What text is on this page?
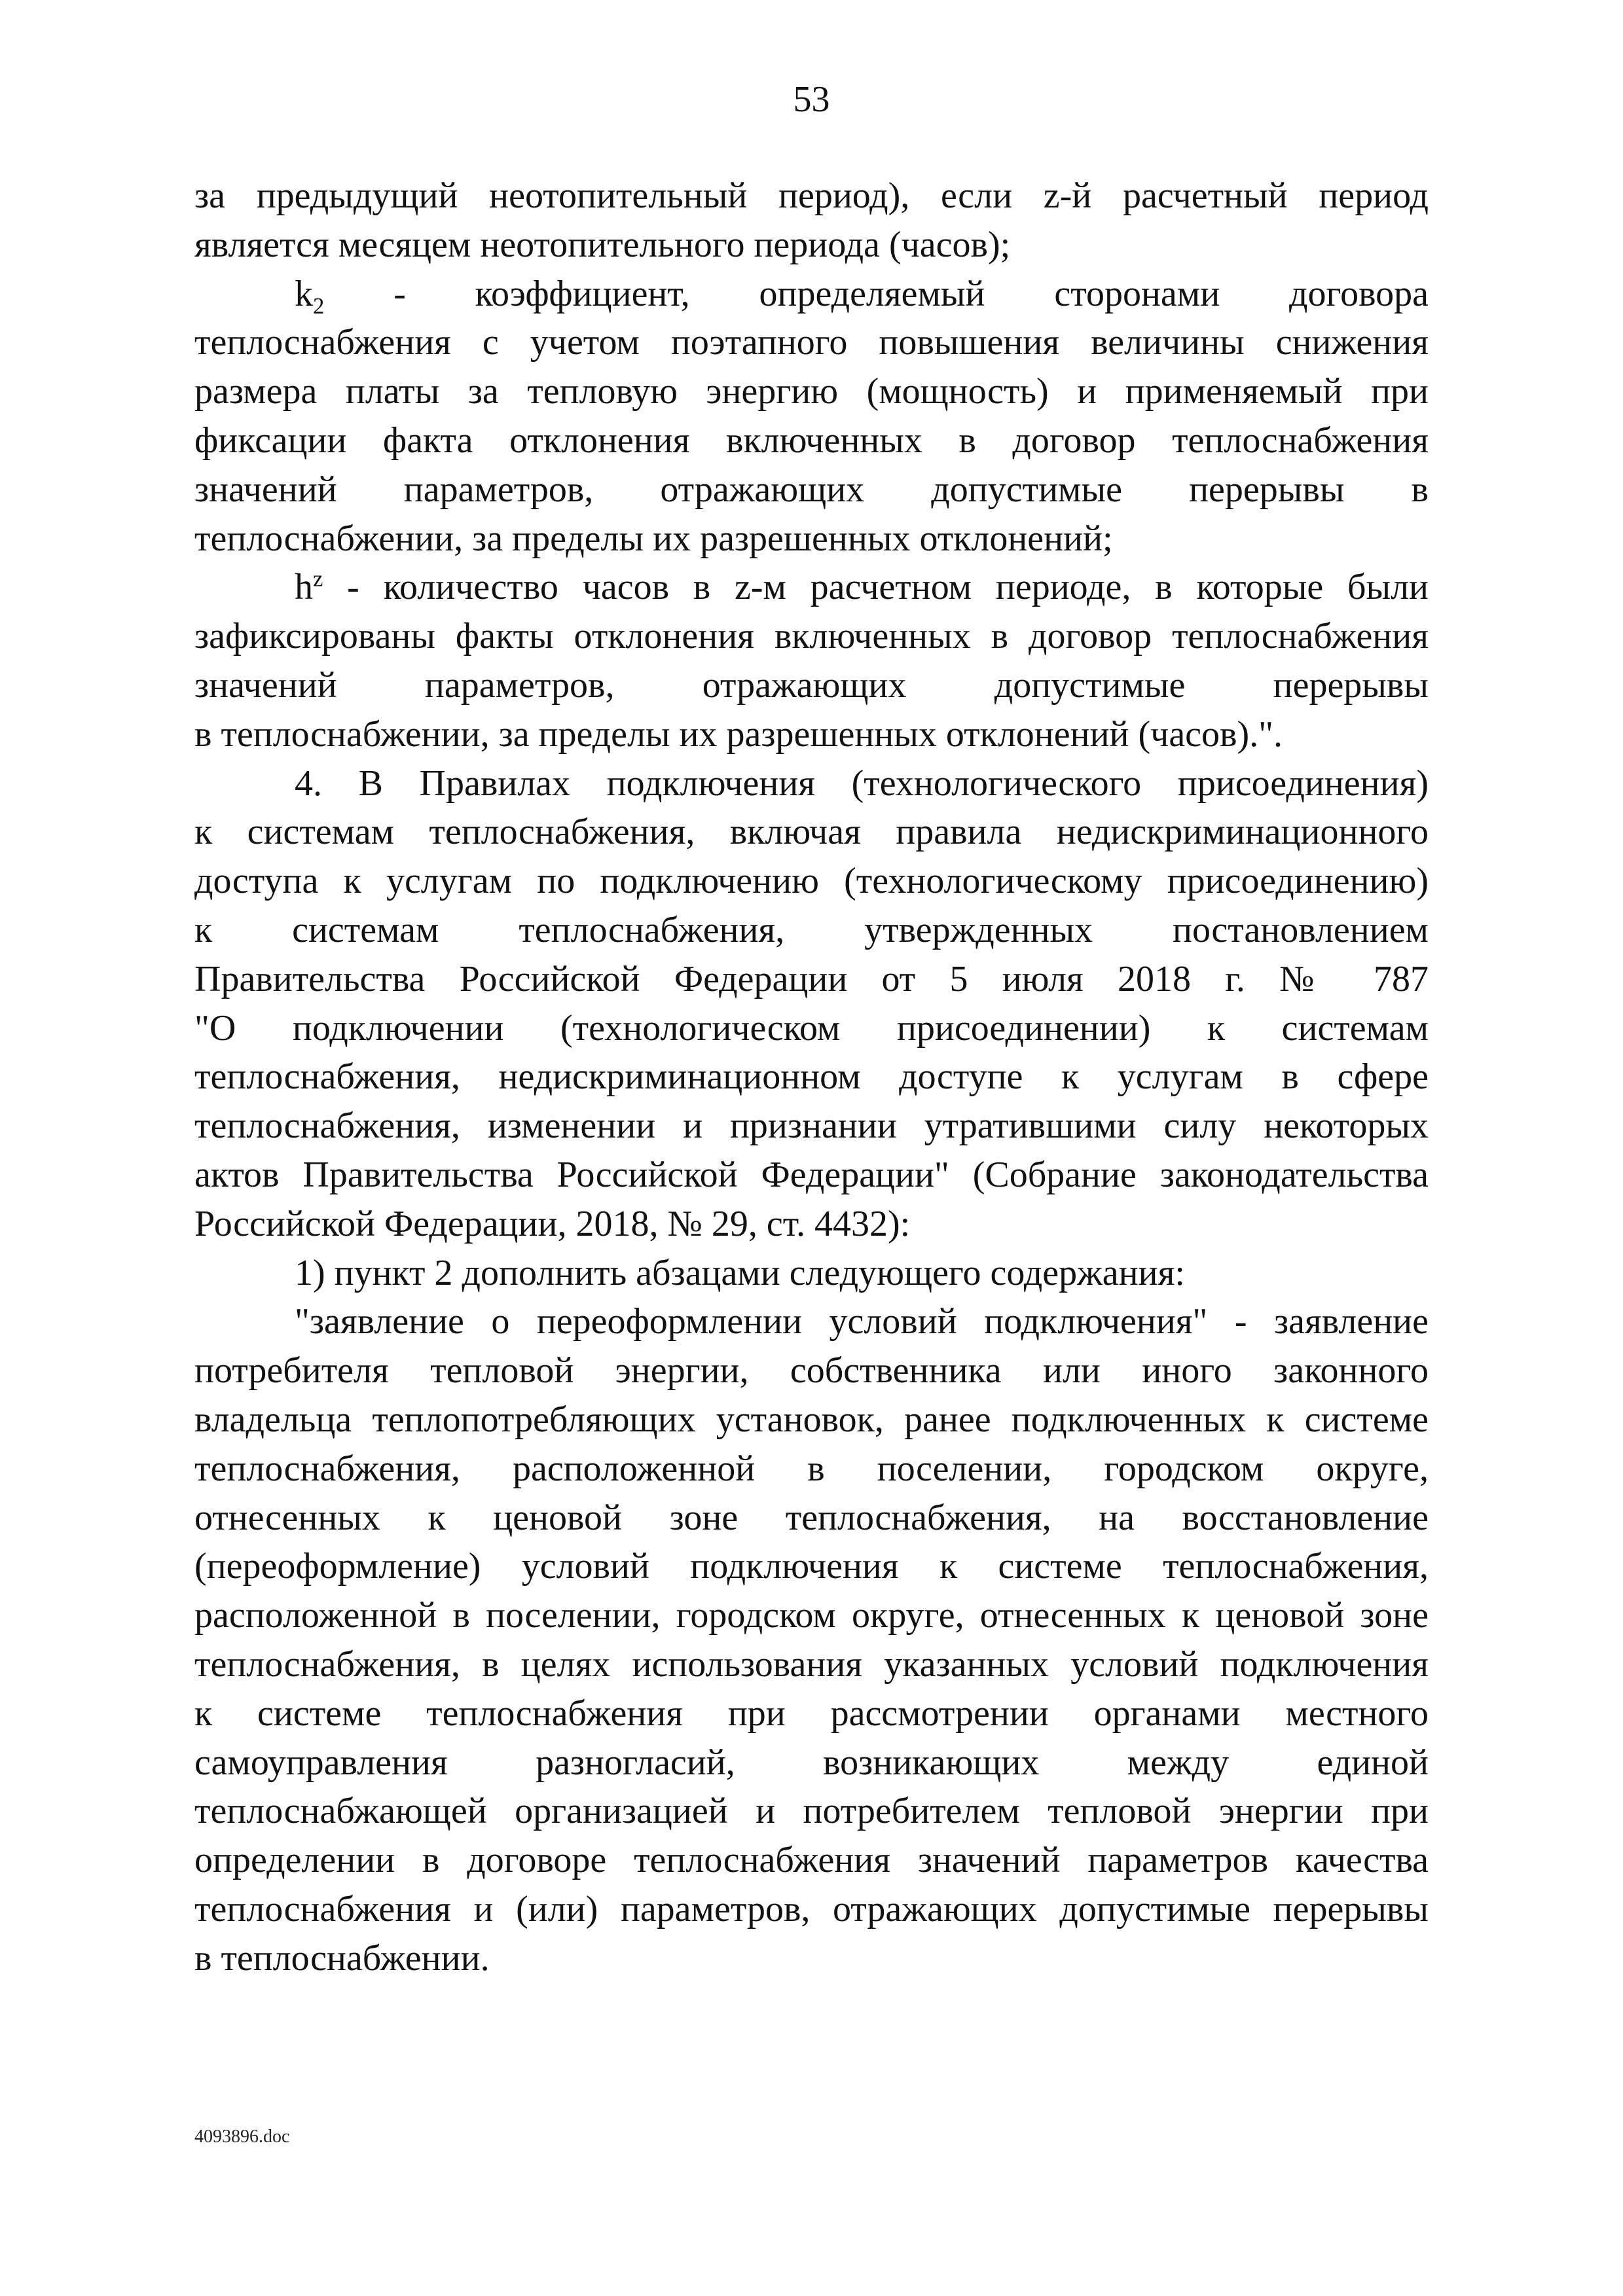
53

за предыдущий неотопительный период), если z-й расчетный период

является месяцем неотопительного периода (часов);

$k_2$ - коэффициент, определяемый сторонами договора

теплоснабжения с учетом поэтапного повышения величины снижения

размера платы за тепловую энергию (мощность) и применяемый при

фиксации факта отклонения включенных в договор теплоснабжения

значений параметров, отражающих допустимые перерывы в

теплоснабжении, за пределы их разрешенных отклонений;

$h^z$ - количество часов в z-м расчетном периоде, в которые были

зафиксированы факты отклонения включенных в договор теплоснабжения

значений параметров, отражающих допустимые перерывы

в теплоснабжении, за пределы их разрешенных отклонений (часов).".

4. В Правилах подключения (технологического присоединения)

к системам теплоснабжения, включая правила недискриминационного

доступа к услугам по подключению (технологическому присоединению)

к системам теплоснабжения, утвержденных постановлением

Правительства Российской Федерации от 5 июля 2018 г. № 787

"О подключении (технологическом присоединении) к системам

теплоснабжения, недискриминационном доступе к услугам в сфере

теплоснабжения, изменении и признании утратившими силу некоторых

актов Правительства Российской Федерации" (Собрание законодательства

Российской Федерации, 2018, № 29, ст. 4432):

1) пункт 2 дополнить абзацами следующего содержания:

"заявление о переоформлении условий подключения" - заявление

потребителя тепловой энергии, собственника или иного законного

владельца теплопотребляющих установок, ранее подключенных к системе

теплоснабжения, расположенной в поселении, городском округе,

отнесенных к ценовой зоне теплоснабжения, на восстановление

(переоформление) условий подключения к системе теплоснабжения,

расположенной в поселении, городском округе, отнесенных к ценовой зоне

теплоснабжения, в целях использования указанных условий подключения

к системе теплоснабжения при рассмотрении органами местного

самоуправления разногласий, возникающих между единой

теплоснабжающей организацией и потребителем тепловой энергии при

определении в договоре теплоснабжения значений параметров качества

теплоснабжения и (или) параметров, отражающих допустимые перерывы

в теплоснабжении.

4093896.doc
